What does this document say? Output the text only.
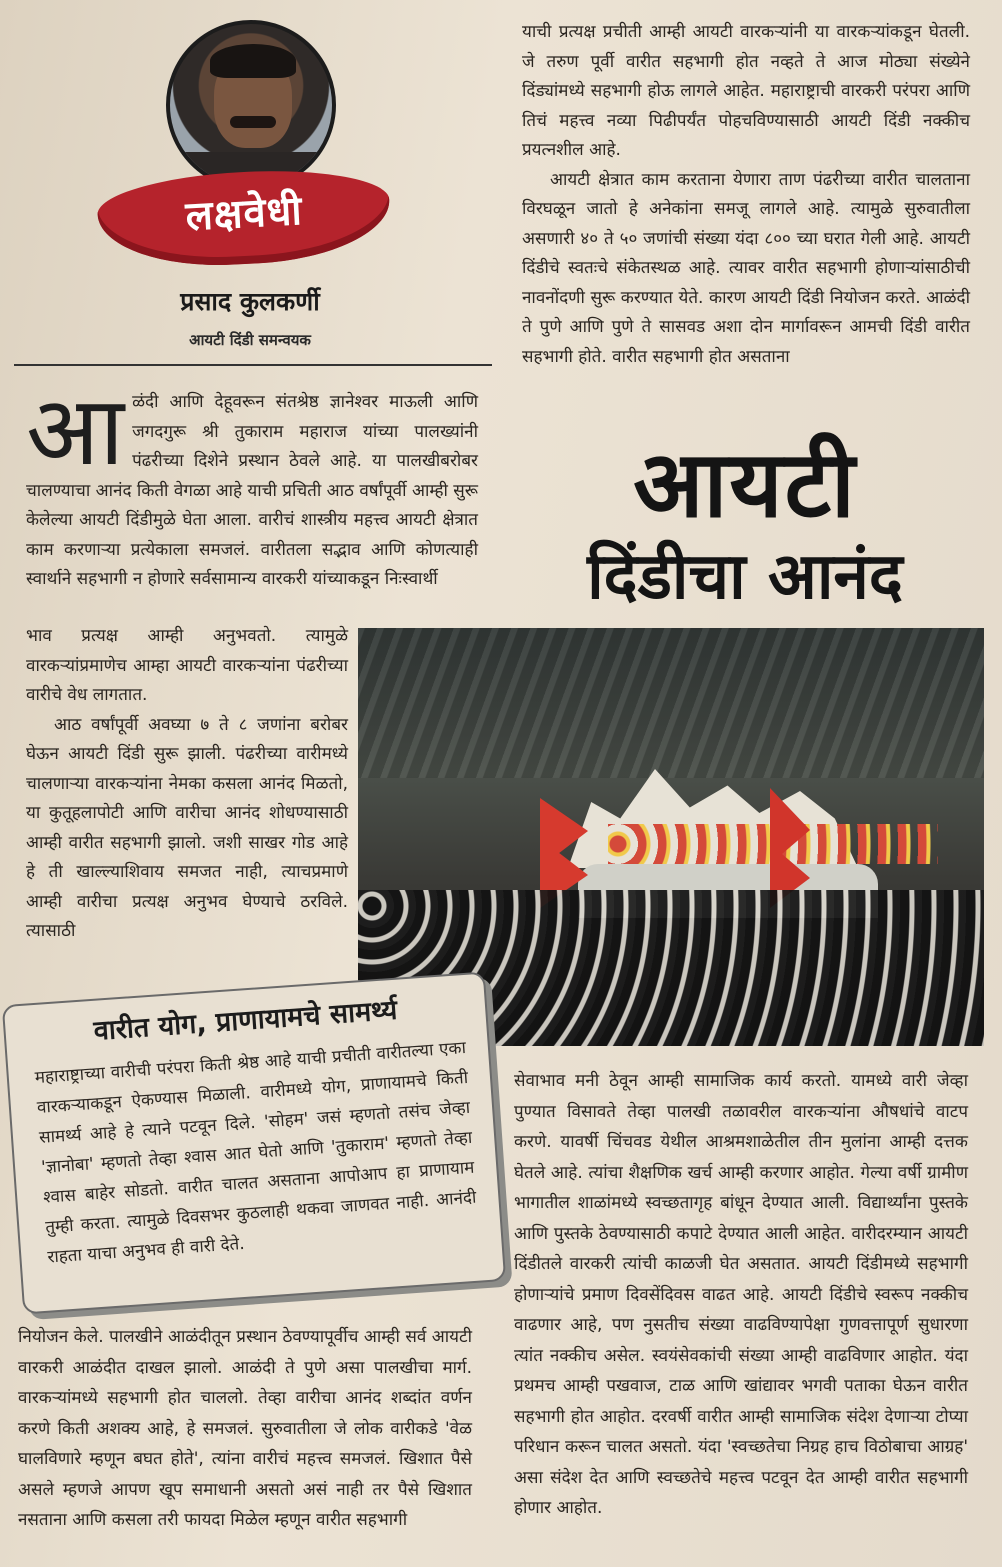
लक्षवेधी
प्रसाद कुलकर्णी
आयटी दिंडी समन्वयक

आ ळंदी आणि देहूवरून संतश्रेष्ठ ज्ञानेश्वर माऊली आणि जगदगुरू श्री तुकाराम महाराज यांच्या पालख्यांनी पंढरीच्या दिशेने प्रस्थान ठेवले आहे. या पालखीबरोबर चालण्याचा आनंद किती वेगळा आहे याची प्रचिती आठ वर्षांपूर्वी आम्ही सुरू केलेल्या आयटी दिंडीमुळे घेता आला. वारीचं शास्त्रीय महत्त्व आयटी क्षेत्रात काम करणाऱ्या प्रत्येकाला समजलं. वारीतला सद्भाव आणि कोणत्याही स्वार्थाने सहभागी न होणारे सर्वसामान्य वारकरी यांच्याकडून निःस्वार्थी

भाव प्रत्यक्ष आम्ही अनुभवतो. त्यामुळे वारकऱ्यांप्रमाणेच आम्हा आयटी वारकऱ्यांना पंढरीच्या वारीचे वेध लागतात.

आठ वर्षांपूर्वी अवघ्या ७ ते ८ जणांना बरोबर घेऊन आयटी दिंडी सुरू झाली. पंढरीच्या वारीमध्ये चालणाऱ्या वारकऱ्यांना नेमका कसला आनंद मिळतो, या कुतूहलापोटी आणि वारीचा आनंद शोधण्यासाठी आम्ही वारीत सहभागी झालो. जशी साखर गोड आहे हे ती खाल्ल्याशिवाय समजत नाही, त्याचप्रमाणे आम्ही वारीचा प्रत्यक्ष अनुभव घेण्याचे ठरविले. त्यासाठी

याची प्रत्यक्ष प्रचीती आम्ही आयटी वारकऱ्यांनी या वारकऱ्यांकडून घेतली. जे तरुण पूर्वी वारीत सहभागी होत नव्हते ते आज मोठ्या संख्येने दिंड्यांमध्ये सहभागी होऊ लागले आहेत. महाराष्ट्राची वारकरी परंपरा आणि तिचं महत्त्व नव्या पिढीपर्यंत पोहचविण्यासाठी आयटी दिंडी नक्कीच प्रयत्नशील आहे.

आयटी क्षेत्रात काम करताना येणारा ताण पंढरीच्या वारीत चालताना विरघळून जातो हे अनेकांना समजू लागले आहे. त्यामुळे सुरुवातीला असणारी ४० ते ५० जणांची संख्या यंदा ८०० च्या घरात गेली आहे. आयटी दिंडीचे स्वतःचे संकेतस्थळ आहे. त्यावर वारीत सहभागी होणाऱ्यांसाठीची नावनोंदणी सुरू करण्यात येते. कारण आयटी दिंडी नियोजन करते. आळंदी ते पुणे आणि पुणे ते सासवड अशा दोन मार्गावरून आमची दिंडी वारीत सहभागी होते. वारीत सहभागी होत असताना

आयटी
दिंडीचा आनंद
वारीत योग, प्राणायामचे सामर्थ्य
महाराष्ट्राच्या वारीची परंपरा किती श्रेष्ठ आहे याची प्रचीती वारीतल्या एका वारकऱ्याकडून ऐकण्यास मिळाली. वारीमध्ये योग, प्राणायामचे किती सामर्थ्य आहे हे त्याने पटवून दिले. 'सोहम' जसं म्हणतो तसंच जेव्हा 'ज्ञानोबा' म्हणतो तेव्हा श्वास आत घेतो आणि 'तुकाराम' म्हणतो तेव्हा श्वास बाहेर सोडतो. वारीत चालत असताना आपोआप हा प्राणायाम तुम्ही करता. त्यामुळे दिवसभर कुठलाही थकवा जाणवत नाही. आनंदी राहता याचा अनुभव ही वारी देते.

सेवाभाव मनी ठेवून आम्ही सामाजिक कार्य करतो. यामध्ये वारी जेव्हा पुण्यात विसावते तेव्हा पालखी तळावरील वारकऱ्यांना औषधांचे वाटप करणे. यावर्षी चिंचवड येथील आश्रमशाळेतील तीन मुलांना आम्ही दत्तक घेतले आहे. त्यांचा शैक्षणिक खर्च आम्ही करणार आहोत. गेल्या वर्षी ग्रामीण भागातील शाळांमध्ये स्वच्छतागृह बांधून देण्यात आली. विद्यार्थ्यांना पुस्तके आणि पुस्तके ठेवण्यासाठी कपाटे देण्यात आली आहेत. वारीदरम्यान आयटी दिंडीतले वारकरी त्यांची काळजी घेत असतात. आयटी दिंडीमध्ये सहभागी होणाऱ्यांचे प्रमाण दिवसेंदिवस वाढत आहे. आयटी दिंडीचे स्वरूप नक्कीच वाढणार आहे, पण नुसतीच संख्या वाढविण्यापेक्षा गुणवत्तापूर्ण सुधारणा त्यांत नक्कीच असेल. स्वयंसेवकांची संख्या आम्ही वाढविणार आहोत. यंदा प्रथमच आम्ही पखवाज, टाळ आणि खांद्यावर भगवी पताका घेऊन वारीत सहभागी होत आहोत. दरवर्षी वारीत आम्ही सामाजिक संदेश देणाऱ्या टोप्या परिधान करून चालत असतो. यंदा 'स्वच्छतेचा निग्रह हाच विठोबाचा आग्रह' असा संदेश देत आणि स्वच्छतेचे महत्त्व पटवून देत आम्ही वारीत सहभागी होणार आहोत.

नियोजन केले. पालखीने आळंदीतून प्रस्थान ठेवण्यापूर्वीच आम्ही सर्व आयटी वारकरी आळंदीत दाखल झालो. आळंदी ते पुणे असा पालखीचा मार्ग. वारकऱ्यांमध्ये सहभागी होत चाललो. तेव्हा वारीचा आनंद शब्दांत वर्णन करणे किती अशक्य आहे, हे समजलं. सुरुवातीला जे लोक वारीकडे 'वेळ घालविणारे म्हणून बघत होते', त्यांना वारीचं महत्त्व समजलं. खिशात पैसे असले म्हणजे आपण खूप समाधानी असतो असं नाही तर पैसे खिशात नसताना आणि कसला तरी फायदा मिळेल म्हणून वारीत सहभागी
